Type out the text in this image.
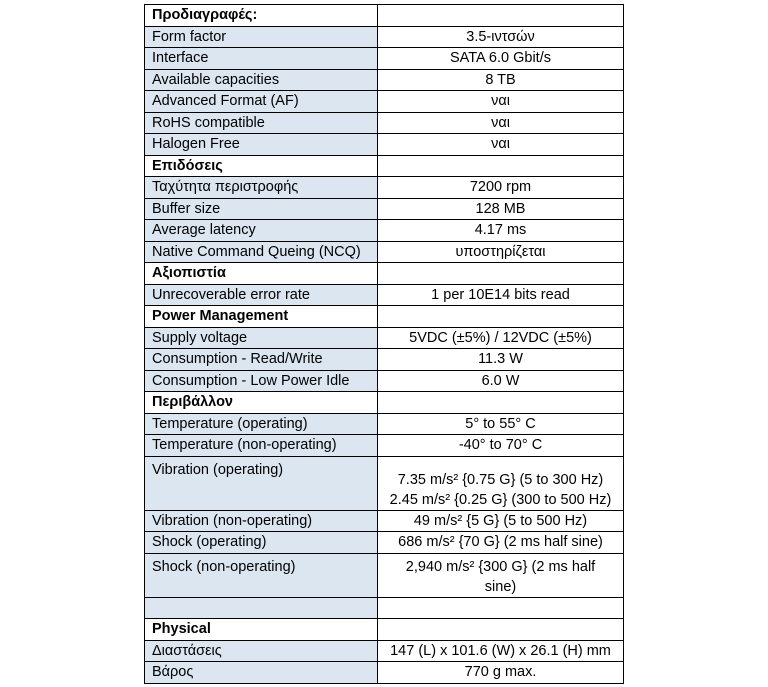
Προδιαγραφές:	
Form factor	3.5-ιντσών
Interface	SATA 6.0 Gbit/s
Available capacities	8 TB
Advanced Format (AF)	ναι
RoHS compatible	ναι
Halogen Free	ναι
Επιδόσεις	
Ταχύτητα περιστροφής	7200 rpm
Buffer size	128 MB
Average latency	4.17 ms
Native Command Queing (NCQ)	υποστηρίζεται
Αξιοπιστία	
Unrecoverable error rate	1 per 10E14 bits read
Power Management	
Supply voltage	5VDC (±5%) / 12VDC (±5%)
Consumption - Read/Write	11.3 W
Consumption - Low Power Idle	6.0 W
Περιβάλλον	
Temperature (operating)	5° to 55° C
Temperature (non-operating)	-40° to 70° C
Vibration (operating)	7.35 m/s² {0.75 G} (5 to 300 Hz)
2.45 m/s² {0.25 G} (300 to 500 Hz)
Vibration (non-operating)	49 m/s² {5 G} (5 to 500 Hz)
Shock (operating)	686 m/s² {70 G} (2 ms half sine)
Shock (non-operating)	2,940 m/s² {300 G} (2 ms half
sine)

Physical	
Διαστάσεις	147 (L) x 101.6 (W) x 26.1 (H) mm
Βάρος	770 g max.
